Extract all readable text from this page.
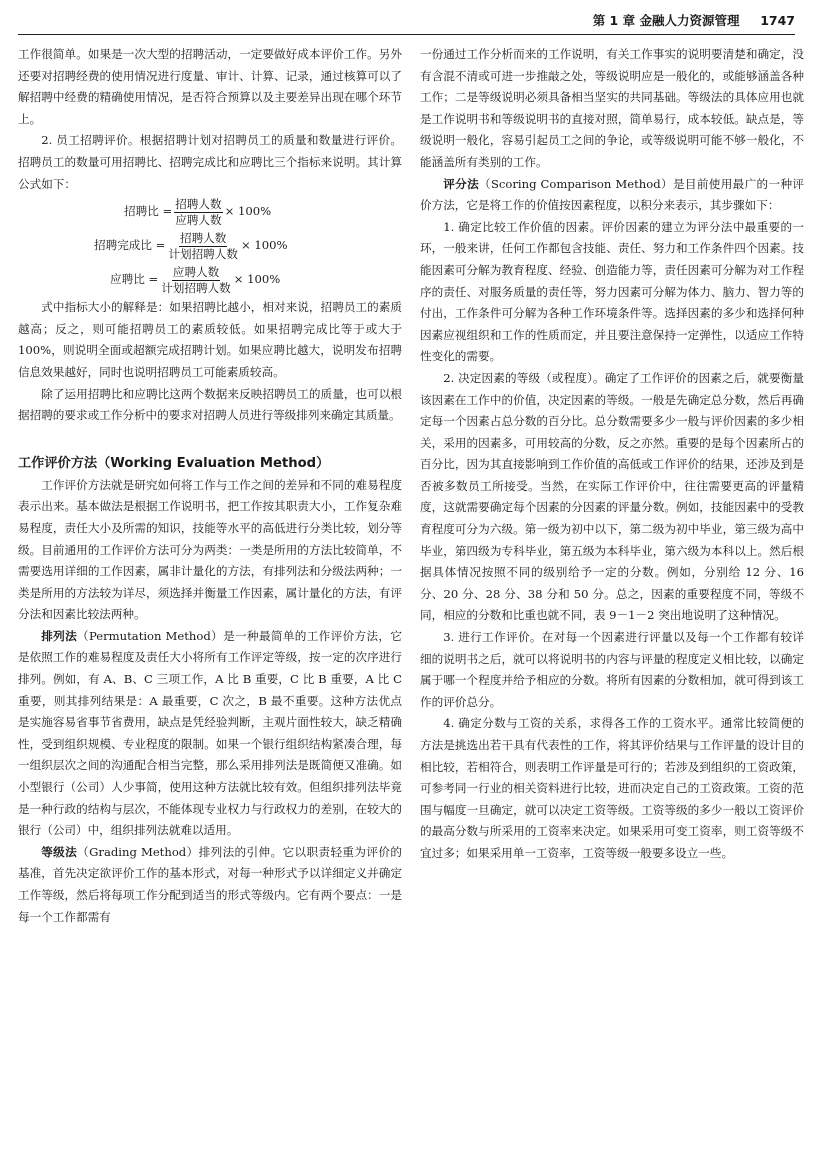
第 1 章 金融人力资源管理 1747

工作很简单。如果是一次大型的招聘活动，一定要做好成本评价工作。另外还要对招聘经费的使用情况进行度量、审计、计算、记录，通过核算可以了解招聘中经费的精确使用情况，是否符合预算以及主要差异出现在哪个环节上。

2. 员工招聘评价。根据招聘计划对招聘员工的质量和数量进行评价。招聘员工的数量可用招聘比、招聘完成比和应聘比三个指标来说明。其计算公式如下：

招聘比 = $\frac{\text{招聘人数}}{\text{应聘人数}} \times 100\%$
招聘完成比 = $\frac{\text{招聘人数}}{\text{计划招聘人数}} \times 100\%$
应聘比 = $\frac{\text{应聘人数}}{\text{计划招聘人数}} \times 100\%$

式中指标大小的解释是：如果招聘比越小，相对来说，招聘员工的素质越高；反之，则可能招聘员工的素质较低。如果招聘完成比等于或大于 100%，则说明全面或超额完成招聘计划。如果应聘比越大，说明发布招聘信息效果越好，同时也说明招聘员工可能素质较高。

除了运用招聘比和应聘比这两个数据来反映招聘员工的质量，也可以根据招聘的要求或工作分析中的要求对招聘人员进行等级排列来确定其质量。

工作评价方法（Working Evaluation Method）

工作评价方法就是研究如何将工作与工作之间的差异和不同的难易程度表示出来。基本做法是根据工作说明书，把工作按其职责大小，工作复杂难易程度，责任大小及所需的知识，技能等水平的高低进行分类比较，划分等级。目前通用的工作评价方法可分为两类：一类是所用的方法比较简单，不需要选用详细的工作因素，属非计量化的方法，有排列法和分级法两种；一类是所用的方法较为详尽，须选择并衡量工作因素，属计量化的方法，有评分法和因素比较法两种。

排列法（Permutation Method）是一种最简单的工作评价方法，它是依照工作的难易程度及责任大小将所有工作评定等级，按一定的次序进行排列。例如，有 A、B、C 三项工作，A 比 B 重要，C 比 B 重要，A 比 C 重要，则其排列结果是：A 最重要，C 次之，B 最不重要。这种方法优点是实施容易省事节省费用，缺点是凭经验判断，主观片面性较大，缺乏精确性，受到组织规模、专业程度的限制。如果一个银行组织结构紧凑合理，每一组织层次之间的沟通配合相当完整，那么采用排列法是既简便又准确。如小型银行（公司）人少事简，使用这种方法就比较有效。但组织排列法毕竟是一种行政的结构与层次，不能体现专业权力与行政权力的差别，在较大的银行（公司）中，组织排列法就难以适用。

等级法（Grading Method）排列法的引伸。它以职责轻重为评价的基准，首先决定欲评价工作的基本形式，对每一种形式予以详细定义并确定工作等级，然后将每项工作分配到适当的形式等级内。它有两个要点：一是每一个工作都需有

一份通过工作分析而来的工作说明，有关工作事实的说明要清楚和确定，没有含混不清或可进一步推敲之处，等级说明应是一般化的，或能够涵盖各种工作；二是等级说明必须具备相当坚实的共同基础。等级法的具体应用也就是工作说明书和等级说明书的直接对照，简单易行，成本较低。缺点是，等级说明一般化，容易引起员工之间的争论，或等级说明可能不够一般化，不能涵盖所有类别的工作。

评分法（Scoring Comparison Method）是目前使用最广的一种评价方法，它是将工作的价值按因素程度，以积分来表示，其步骤如下：

1. 确定比较工作价值的因素。评价因素的建立为评分法中最重要的一环，一般来讲，任何工作都包含技能、责任、努力和工作条件四个因素。技能因素可分解为教育程度、经验、创造能力等，责任因素可分解为对工作程序的责任、对服务质量的责任等，努力因素可分解为体力、脑力、智力等的付出，工作条件可分解为各种工作环境条件等。选择因素的多少和选择何种因素应视组织和工作的性质而定，并且要注意保持一定弹性，以适应工作特性变化的需要。

2. 决定因素的等级（或程度）。确定了工作评价的因素之后，就要衡量该因素在工作中的价值，决定因素的等级。一般是先确定总分数，然后再确定每一个因素占总分数的百分比。总分数需要多少一般与评价因素的多少相关，采用的因素多，可用较高的分数，反之亦然。重要的是每个因素所占的百分比，因为其直接影响到工作价值的高低或工作评价的结果，还涉及到是否被多数员工所接受。当然，在实际工作评价中，往往需要更高的评量精度，这就需要确定每个因素的分因素的评量分数。例如，技能因素中的受教育程度可分为六级。第一级为初中以下，第二级为初中毕业，第三级为高中毕业，第四级为专科毕业，第五级为本科毕业，第六级为本科以上。然后根据具体情况按照不同的级别给予一定的分数。例如，分别给 12 分、16 分、20 分、28 分、38 分和 50 分。总之，因素的重要程度不同，等级不同，相应的分数和比重也就不同，表 9－1－2 突出地说明了这种情况。

3. 进行工作评价。在对每一个因素进行评量以及每一个工作都有较详细的说明书之后，就可以将说明书的内容与评量的程度定义相比较，以确定属于哪一个程度并给予相应的分数。将所有因素的分数相加，就可得到该工作的评价总分。

4. 确定分数与工资的关系，求得各工作的工资水平。通常比较简便的方法是挑选出若干具有代表性的工作，将其评价结果与工作评量的设计目的相比较，若相符合，则表明工作评量是可行的；若涉及到组织的工资政策，可参考同一行业的相关资料进行比较，进而决定自己的工资政策。工资的范围与幅度一旦确定，就可以决定工资等级。工资等级的多少一般以工资评价的最高分数与所采用的工资率来决定。如果采用可变工资率，则工资等级不宜过多；如果采用单一工资率，工资等级一般要多设立一些。
